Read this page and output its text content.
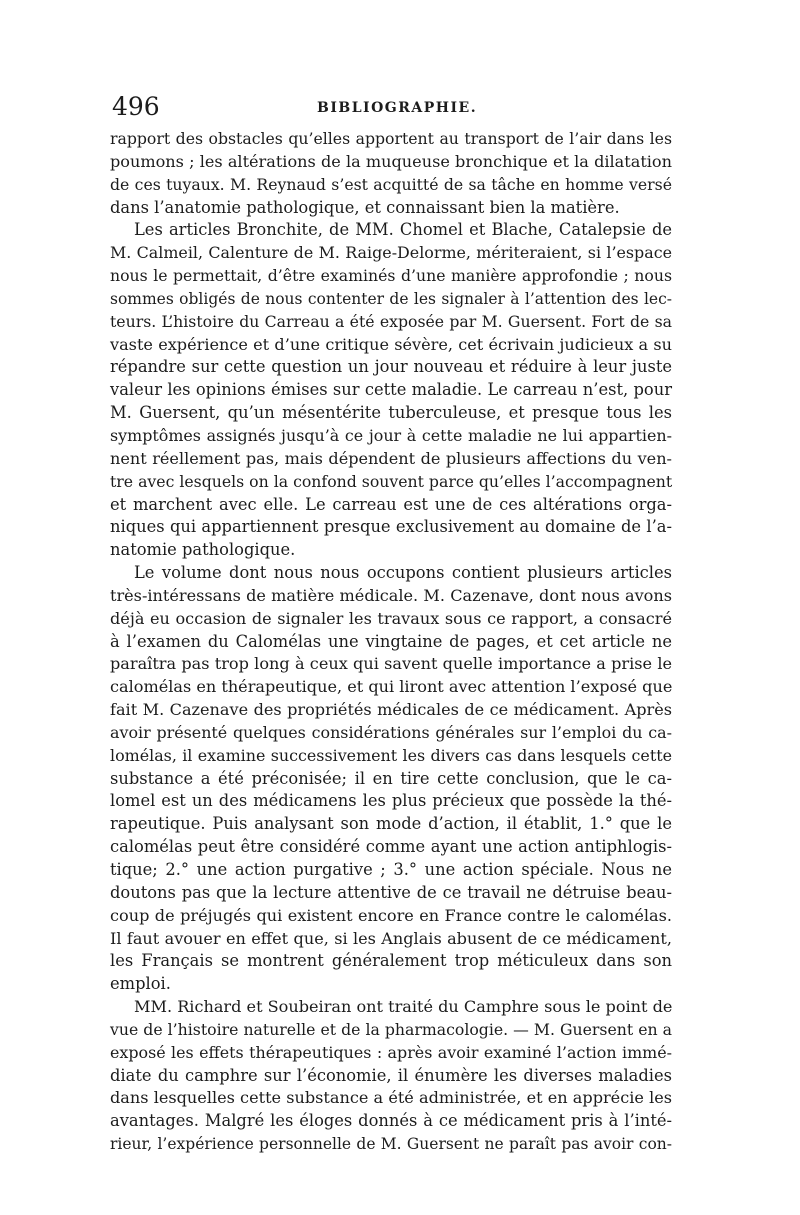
496	BIBLIOGRAPHIE.
rapport des obstacles qu’elles apportent au transport de l’air dans les
poumons ; les altérations de la muqueuse bronchique et la dilatation
de ces tuyaux. M. Reynaud s’est acquitté de sa tâche en homme versé
dans l’anatomie pathologique, et connaissant bien la matière.
Les articles Bronchite, de MM. Chomel et Blache, Catalepsie de
M. Calmeil, Calenture de M. Raige-Delorme, mériteraient, si l’espace
nous le permettait, d’être examinés d’une manière approfondie ; nous
sommes obligés de nous contenter de les signaler à l’attention des lec-
teurs. L’histoire du Carreau a été exposée par M. Guersent. Fort de sa
vaste expérience et d’une critique sévère, cet écrivain judicieux a su
répandre sur cette question un jour nouveau et réduire à leur juste
valeur les opinions émises sur cette maladie. Le carreau n’est, pour
M. Guersent, qu’un mésentérite tuberculeuse, et presque tous les
symptômes assignés jusqu’à ce jour à cette maladie ne lui appartien-
nent réellement pas, mais dépendent de plusieurs affections du ven-
tre avec lesquels on la confond souvent parce qu’elles l’accompagnent
et marchent avec elle. Le carreau est une de ces altérations orga-
niques qui appartiennent presque exclusivement au domaine de l’a-
natomie pathologique.
Le volume dont nous nous occupons contient plusieurs articles
très-intéressans de matière médicale. M. Cazenave, dont nous avons
déjà eu occasion de signaler les travaux sous ce rapport, a consacré
à l’examen du Calomélas une vingtaine de pages, et cet article ne
paraîtra pas trop long à ceux qui savent quelle importance a prise le
calomélas en thérapeutique, et qui liront avec attention l’exposé que
fait M. Cazenave des propriétés médicales de ce médicament. Après
avoir présenté quelques considérations générales sur l’emploi du ca-
lomélas, il examine successivement les divers cas dans lesquels cette
substance a été préconisée; il en tire cette conclusion, que le ca-
lomel est un des médicamens les plus précieux que possède la thé-
rapeutique. Puis analysant son mode d’action, il établit, 1.° que le
calomélas peut être considéré comme ayant une action antiphlogis-
tique; 2.° une action purgative ; 3.° une action spéciale. Nous ne
doutons pas que la lecture attentive de ce travail ne détruise beau-
coup de préjugés qui existent encore en France contre le calomélas.
Il faut avouer en effet que, si les Anglais abusent de ce médicament,
les Français se montrent généralement trop méticuleux dans son
emploi.
MM. Richard et Soubeiran ont traité du Camphre sous le point de
vue de l’histoire naturelle et de la pharmacologie. — M. Guersent en a
exposé les effets thérapeutiques : après avoir examiné l’action immé-
diate du camphre sur l’économie, il énumère les diverses maladies
dans lesquelles cette substance a été administrée, et en apprécie les
avantages. Malgré les éloges donnés à ce médicament pris à l’inté-
rieur, l’expérience personnelle de M. Guersent ne paraît pas avoir con-
